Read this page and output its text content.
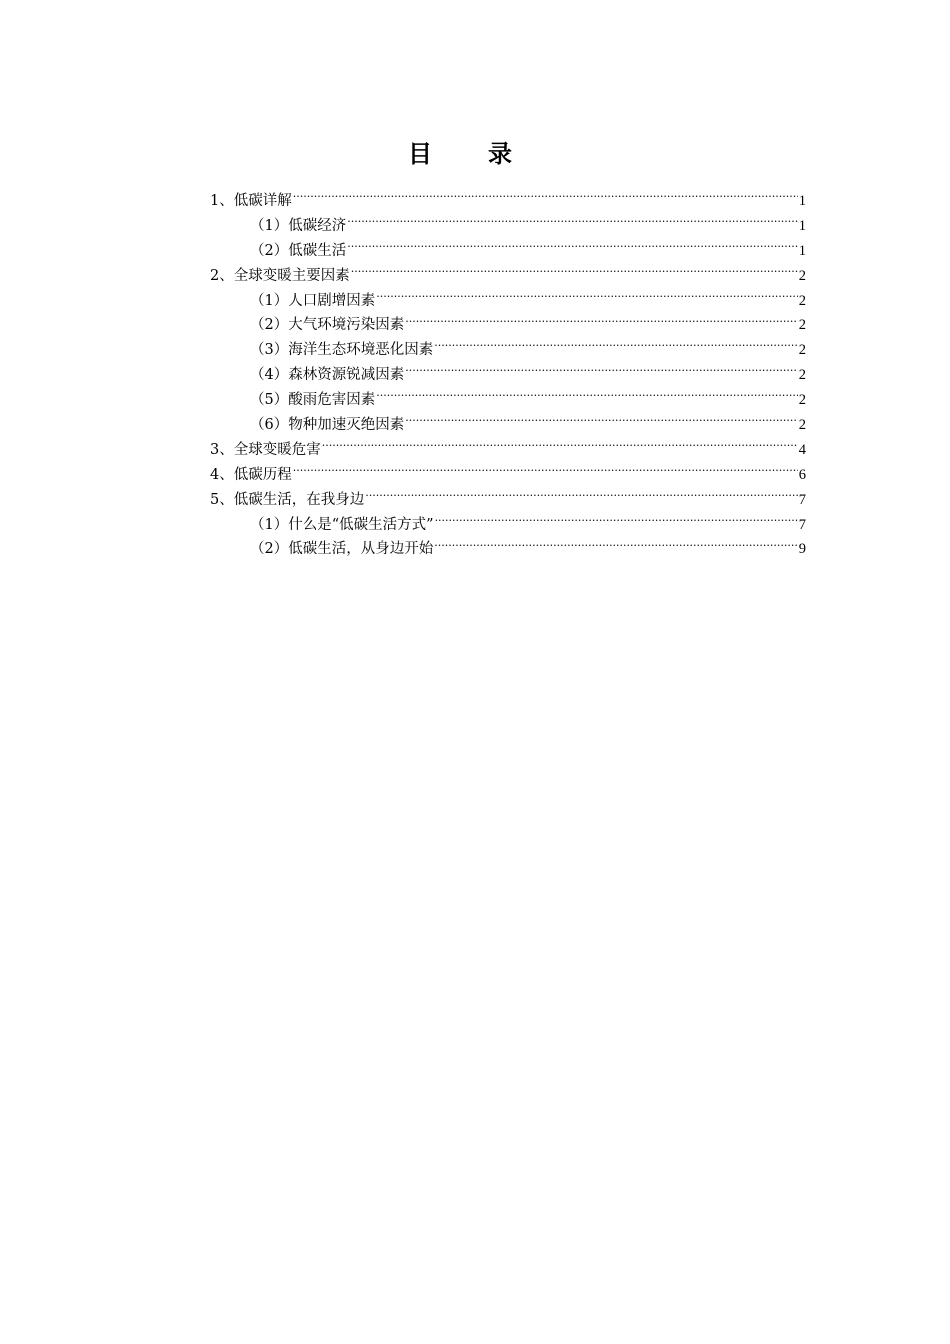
目 录
1、低碳详解 .....	1
（1）低碳经济 .....	1
（2）低碳生活 .....	1
2、全球变暖主要因素 .....	2
（1）人口剧增因素 .....	2
（2）大气环境污染因素 .....	2
（3）海洋生态环境恶化因素 .....	2
（4）森林资源锐减因素 .....	2
（5）酸雨危害因素 .....	2
（6）物种加速灭绝因素 .....	2
3、全球变暖危害 .....	4
4、低碳历程 .....	6
5、低碳生活，在我身边 .....	7
（1）什么是“低碳生活方式” .....	7
（2）低碳生活，从身边开始 .....	9
